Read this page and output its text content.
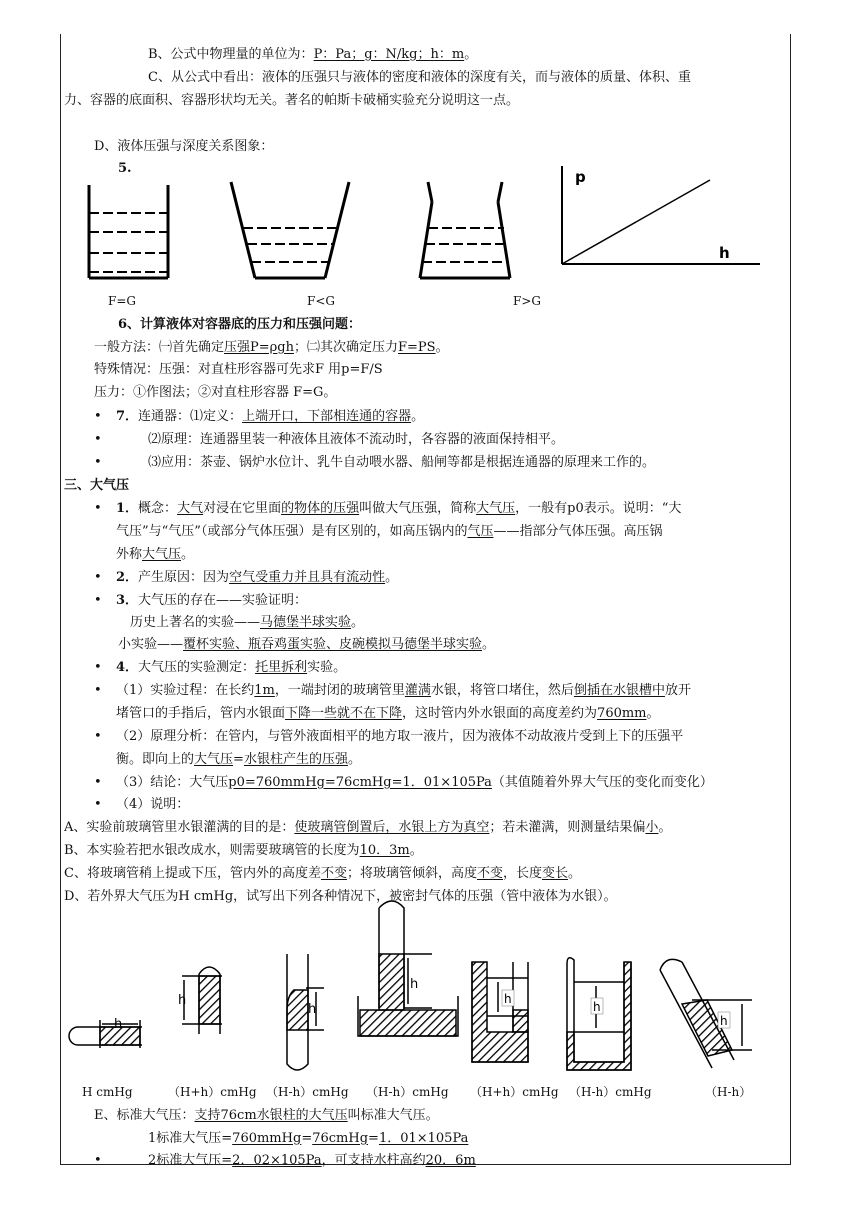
B、公式中物理量的单位为：P：Pa；g：N/kg；h：m。
C、从公式中看出：液体的压强只与液体的密度和液体的深度有关，而与液体的质量、体积、重
力、容器的底面积、容器形状均无关。著名的帕斯卡破桶实验充分说明这一点。
D、液体压强与深度关系图象：
5.	p
h
F=G	F<G	F>G
6、计算液体对容器底的压力和压强问题：
一般方法：㈠首先确定压强P=ρgh；㈡其次确定压力F=PS。
特殊情况：压强：对直柱形容器可先求F 用p=F/S
压力：①作图法；②对直柱形容器 F=G。
• 7．连通器：⑴定义：上端开口，下部相连通的容器。
•	⑵原理：连通器里装一种液体且液体不流动时，各容器的液面保持相平。
•	⑶应用：茶壶、锅炉水位计、乳牛自动喂水器、船闸等都是根据连通器的原理来工作的。
三、大气压
• 1．概念：大气对浸在它里面的物体的压强叫做大气压强，简称大气压，一般有p0表示。说明：“大
气压”与“气压”（或部分气体压强）是有区别的，如高压锅内的气压——指部分气体压强。高压锅
外称大气压。
• 2．产生原因：因为空气受重力并且具有流动性。
• 3．大气压的存在——实验证明：
历史上著名的实验——马德堡半球实验。
小实验——覆杯实验、瓶吞鸡蛋实验、皮碗模拟马德堡半球实验。
• 4．大气压的实验测定：托里拆利实验。
• （1）实验过程：在长约1m，一端封闭的玻璃管里灌满水银，将管口堵住，然后倒插在水银槽中放开
堵管口的手指后，管内水银面下降一些就不在下降，这时管内外水银面的高度差约为760mm。
• （2）原理分析：在管内，与管外液面相平的地方取一液片，因为液体不动故液片受到上下的压强平
衡。即向上的大气压=水银柱产生的压强。
• （3）结论：大气压p0=760mmHg=76cmHg=1．01×105Pa（其值随着外界大气压的变化而变化）
• （4）说明：
A、实验前玻璃管里水银灌满的目的是：使玻璃管倒置后，水银上方为真空；若未灌满，则测量结果偏小。
B、本实验若把水银改成水，则需要玻璃管的长度为10．3m。
C、将玻璃管稍上提或下压，管内外的高度差不变；将玻璃管倾斜，高度不变，长度变长。
D、若外界大气压为H cmHg，试写出下列各种情况下，被密封气体的压强（管中液体为水银）。
h
h
h
h
h
h
h
H cmHg	（H+h）cmHg （H-h）cmHg （H-h）cmHg （H+h）cmHg （H-h）cmHg	（H-h）
E、标准大气压：支持76cm水银柱的大气压叫标准大气压。
1标准大气压=760mmHg=76cmHg=1．01×105Pa
•	2标准大气压=2．02×105Pa，可支持水柱高约20．6m
